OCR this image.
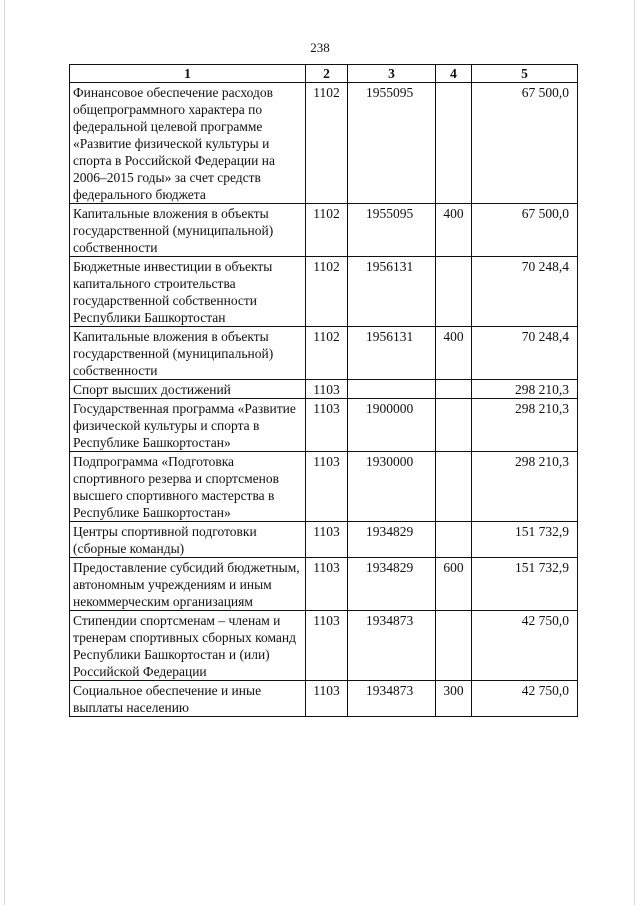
238
1	2	3	4	5
Финансовое обеспечение расходов общепрограммного характера по федеральной целевой программе «Развитие физической культуры и спорта в Российской Федерации на 2006–2015 годы» за счет средств федерального бюджета	1102	1955095		67 500,0
Капитальные вложения в объекты государственной (муниципальной) собственности	1102	1955095	400	67 500,0
Бюджетные инвестиции в объекты капитального строительства государственной собственности Республики Башкортостан	1102	1956131		70 248,4
Капитальные вложения в объекты государственной (муниципальной) собственности	1102	1956131	400	70 248,4
Спорт высших достижений	1103			298 210,3
Государственная программа «Развитие физической культуры и спорта в Республике Башкортостан»	1103	1900000		298 210,3
Подпрограмма «Подготовка спортивного резерва и спортсменов высшего спортивного мастерства в Республике Башкортостан»	1103	1930000		298 210,3
Центры спортивной подготовки (сборные команды)	1103	1934829		151 732,9
Предоставление субсидий бюджетным, автономным учреждениям и иным некоммерческим организациям	1103	1934829	600	151 732,9
Стипендии спортсменам – членам и тренерам спортивных сборных команд Республики Башкортостан и (или) Российской Федерации	1103	1934873		42 750,0
Социальное обеспечение и иные выплаты населению	1103	1934873	300	42 750,0
